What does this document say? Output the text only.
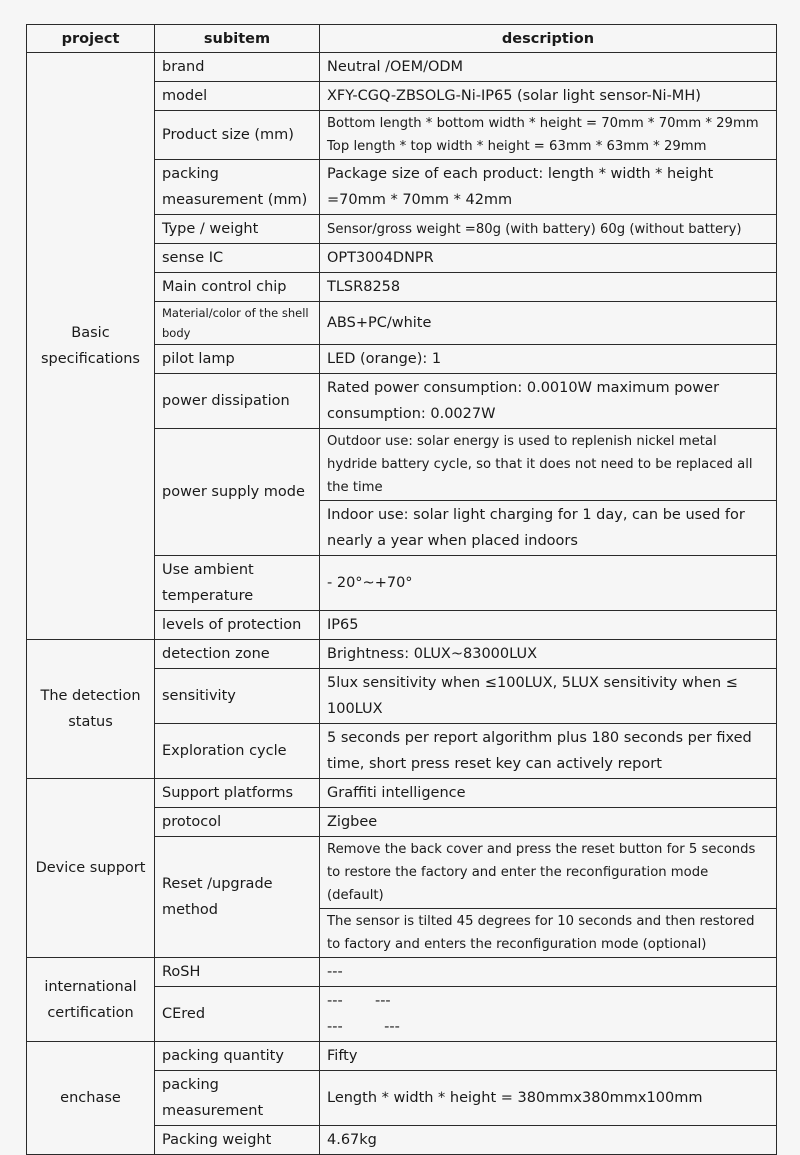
project	subitem	description
Basic specifications	brand	Neutral /OEM/ODM
	model	XFY-CGQ-ZBSOLG-Ni-IP65 (solar light sensor-Ni-MH)
	Product size (mm)	Bottom length * bottom width * height = 70mm * 70mm * 29mm Top length * top width * height = 63mm * 63mm * 29mm
	packing measurement (mm)	Package size of each product: length * width * height =70mm * 70mm * 42mm
	Type / weight	Sensor/gross weight =80g (with battery) 60g (without battery)
	sense IC	OPT3004DNPR
	Main control chip	TLSR8258
	Material/color of the shell body	ABS+PC/white
	pilot lamp	LED (orange): 1
	power dissipation	Rated power consumption: 0.0010W maximum power consumption: 0.0027W
	power supply mode	Outdoor use: solar energy is used to replenish nickel metal hydride battery cycle, so that it does not need to be replaced all the time
		Indoor use: solar light charging for 1 day, can be used for nearly a year when placed indoors
	Use ambient temperature	- 20°~+70°
	levels of protection	IP65
The detection status	detection zone	Brightness: 0LUX~83000LUX
	sensitivity	5lux sensitivity when ≤100LUX, 5LUX sensitivity when ≤ 100LUX
	Exploration cycle	5 seconds per report algorithm plus 180 seconds per fixed time, short press reset key can actively report
Device support	Support platforms	Graffiti intelligence
	protocol	Zigbee
	Reset /upgrade method	Remove the back cover and press the reset button for 5 seconds to restore the factory and enter the reconfiguration mode (default)
		The sensor is tilted 45 degrees for 10 seconds and then restored to factory and enters the reconfiguration mode (optional)
international certification	RoSH	---
	CEred	---       ---
---         ---
enchase	packing quantity	Fifty
	packing measurement	Length * width * height = 380mmx380mmx100mm
	Packing weight	4.67kg
